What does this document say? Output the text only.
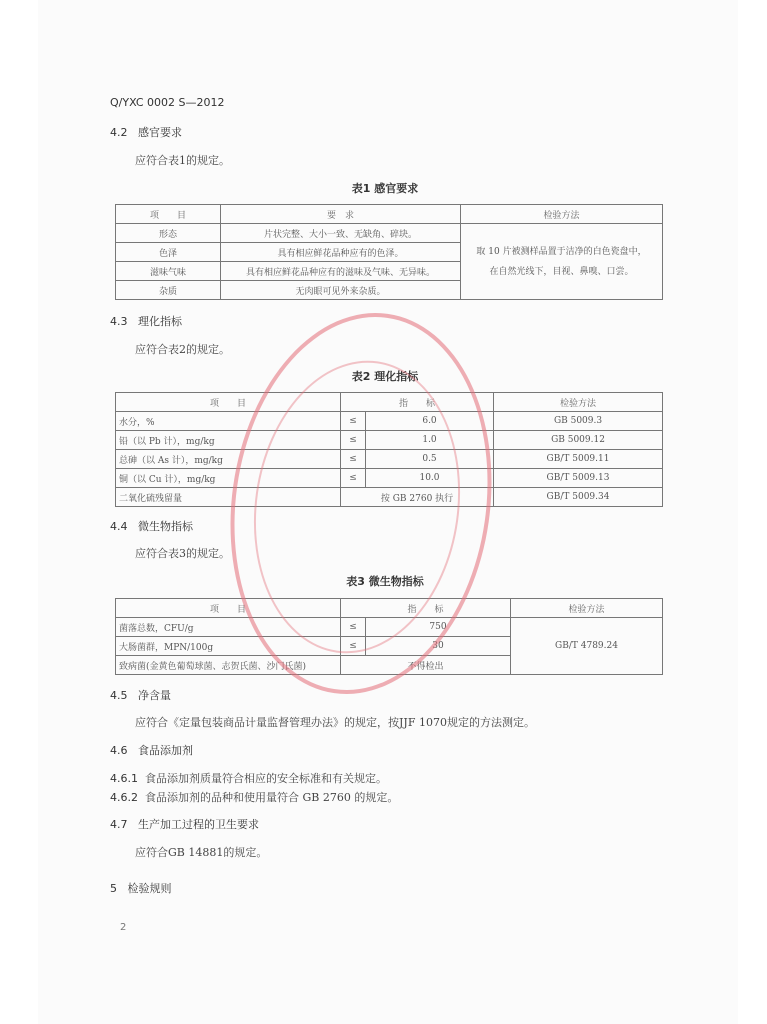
Q/YXC 0002 S—2012
4.2 感官要求
应符合表1的规定。
表1 感官要求
项　　目	要　求	检验方法
形态	片状完整、大小一致、无缺角、碎块。	取 10 片被测样品置于洁净的白色瓷盘中，
在自然光线下，目视、鼻嗅、口尝。

色泽	具有相应鲜花品种应有的色泽。	
滋味气味	具有相应鲜花品种应有的滋味及气味、无异味。	
杂质	无肉眼可见外来杂质。	
4.3 理化指标
应符合表2的规定。
表2 理化指标
项　　目	指　　标		检验方法
水分，%	≤	6.0	GB 5009.3
铅（以 Pb 计），mg/kg	≤	1.0	GB 5009.12
总砷（以 As 计），mg/kg	≤	0.5	GB/T 5009.11
铜（以 Cu 计），mg/kg	≤	10.0	GB/T 5009.13
二氧化硫残留量	按 GB 2760 执行		GB/T 5009.34
4.4 微生物指标
应符合表3的规定。
表3 微生物指标
项　　目	指　　标		检验方法
菌落总数，CFU/g	≤	750	GB/T 4789.24
大肠菌群，MPN/100g	≤	30	
致病菌(金黄色葡萄球菌、志贺氏菌、沙门氏菌)	不得检出		
4.5 净含量
应符合《定量包装商品计量监督管理办法》的规定，按JJF 1070规定的方法测定。
4.6 食品添加剂
4.6.1 食品添加剂质量符合相应的安全标准和有关规定。
4.6.2 食品添加剂的品种和使用量符合 GB 2760 的规定。
4.7 生产加工过程的卫生要求
应符合GB 14881的规定。
5 检验规则
2
